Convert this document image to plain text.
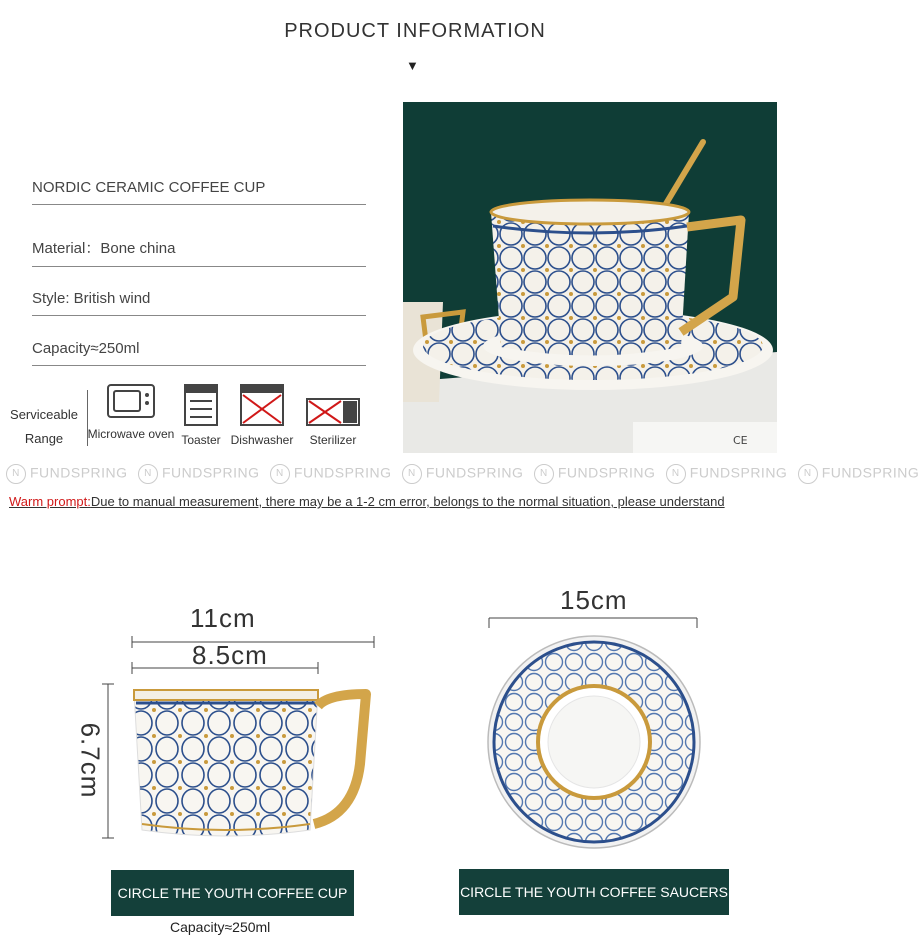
PRODUCT INFORMATION
▼
NORDIC CERAMIC COFFEE CUP
Material：Bone china
Style: British wind
Capacity≈250ml
CE
Serviceable
Range	Microwave oven Toaster Dishwasher	Sterilizer
N FUNDSPRING N FUNDSPRING N FUNDSPRING N FUNDSPRING N FUNDSPRING N FUNDSPRING N FUNDSPRING
Warm prompt:Due to manual measurement, there may be a 1-2 cm error, belongs to the normal situation, please understand
11cm
8.5cm
6.7cm
15cm
CIRCLE THE YOUTH COFFEE CUP	CIRCLE THE YOUTH COFFEE SAUCERS
Capacity≈250ml
